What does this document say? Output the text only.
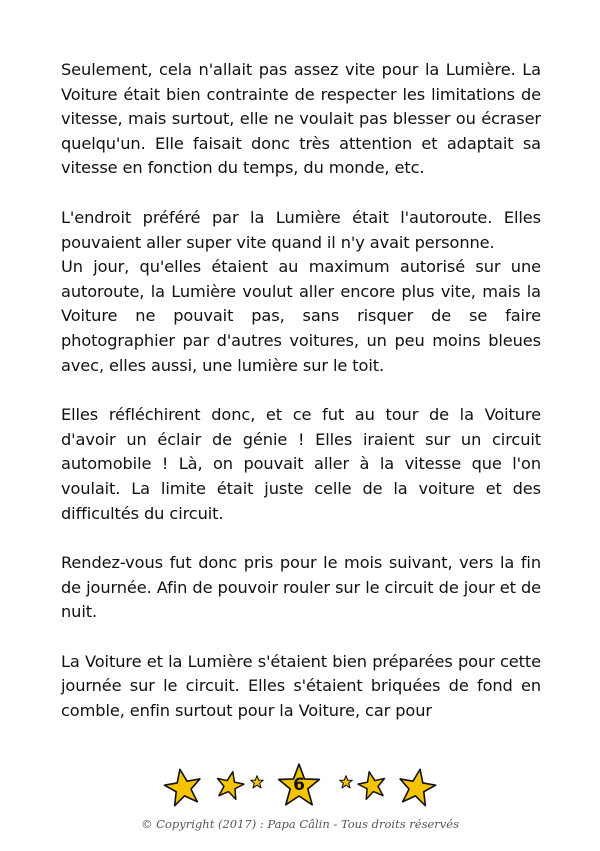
Seulement, cela n'allait pas assez vite pour la Lumière. La Voiture était bien contrainte de respecter les limitations de vitesse, mais surtout, elle ne voulait pas blesser ou écraser quelqu'un. Elle faisait donc très attention et adaptait sa vitesse en fonction du temps, du monde, etc.

L'endroit préféré par la Lumière était l'autoroute. Elles pouvaient aller super vite quand il n'y avait personne.

Un jour, qu'elles étaient au maximum autorisé sur une autoroute, la Lumière voulut aller encore plus vite, mais la Voiture ne pouvait pas, sans risquer de se faire photographier par d'autres voitures, un peu moins bleues avec, elles aussi, une lumière sur le toit.

Elles réfléchirent donc, et ce fut au tour de la Voiture d'avoir un éclair de génie ! Elles iraient sur un circuit automobile ! Là, on pouvait aller à la vitesse que l'on voulait. La limite était juste celle de la voiture et des difficultés du circuit.

Rendez-vous fut donc pris pour le mois suivant, vers la fin de journée. Afin de pouvoir rouler sur le circuit de jour et de nuit.

La Voiture et la Lumière s'étaient bien préparées pour cette journée sur le circuit. Elles s'étaient briquées de fond en comble, enfin surtout pour la Voiture, car pour

6
© Copyright (2017) : Papa Câlin - Tous droits réservés
